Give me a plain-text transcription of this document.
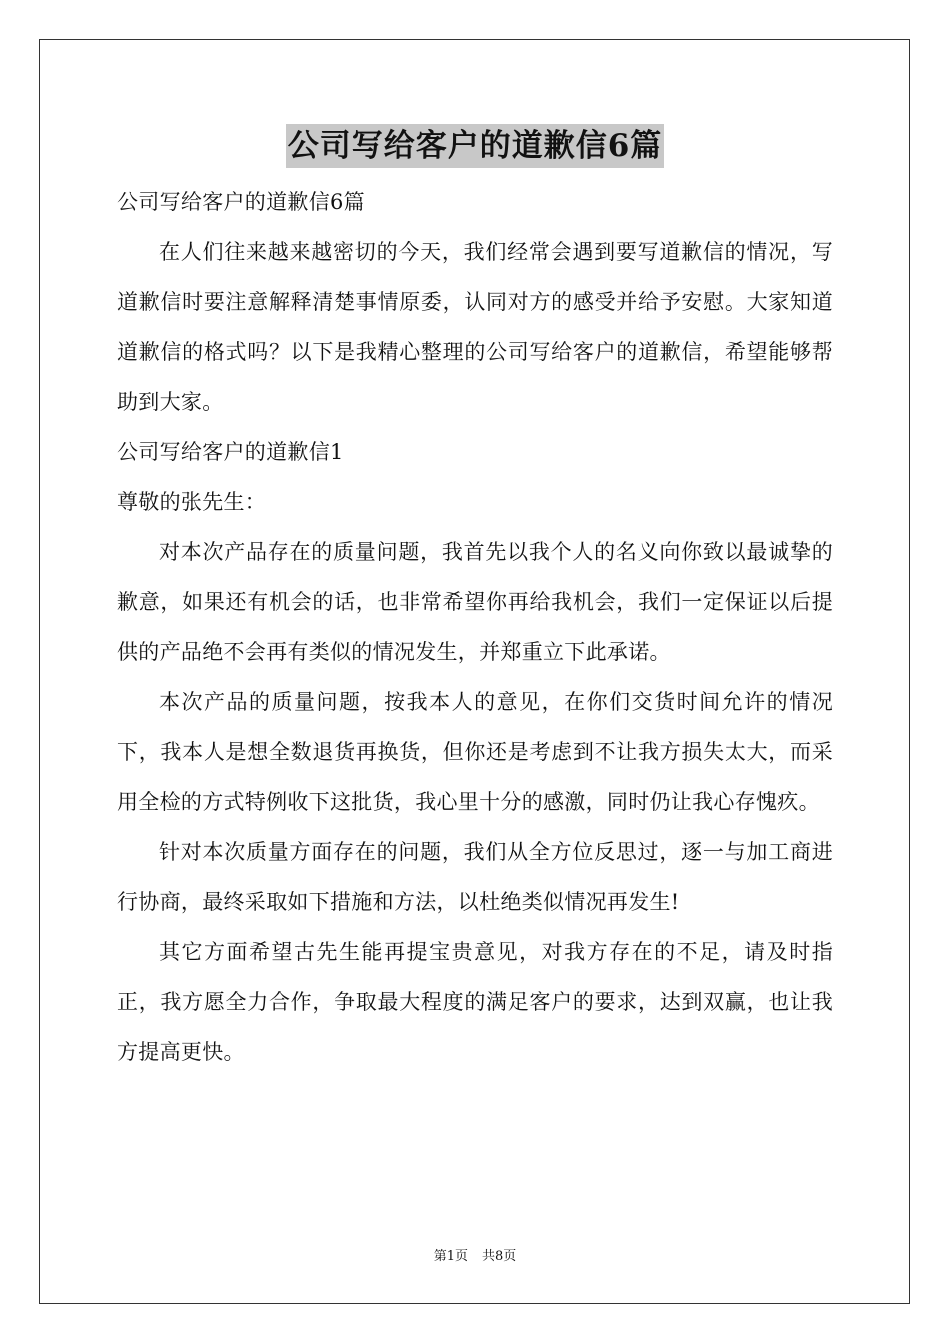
公司写给客户的道歉信6篇

公司写给客户的道歉信6篇

在人们往来越来越密切的今天，我们经常会遇到要写道歉信的情况，写道歉信时要注意解释清楚事情原委，认同对方的感受并给予安慰。大家知道道歉信的格式吗？以下是我精心整理的公司写给客户的道歉信，希望能够帮助到大家。

公司写给客户的道歉信1

尊敬的张先生：

对本次产品存在的质量问题，我首先以我个人的名义向你致以最诚挚的歉意，如果还有机会的话，也非常希望你再给我机会，我们一定保证以后提供的产品绝不会再有类似的情况发生，并郑重立下此承诺。

本次产品的质量问题，按我本人的意见，在你们交货时间允许的情况下，我本人是想全数退货再换货，但你还是考虑到不让我方损失太大，而采用全检的方式特例收下这批货，我心里十分的感激，同时仍让我心存愧疚。

针对本次质量方面存在的问题，我们从全方位反思过，逐一与加工商进行协商，最终采取如下措施和方法，以杜绝类似情况再发生!

其它方面希望古先生能再提宝贵意见，对我方存在的不足，请及时指正，我方愿全力合作，争取最大程度的满足客户的要求，达到双赢，也让我方提高更快。

第1页 共8页
